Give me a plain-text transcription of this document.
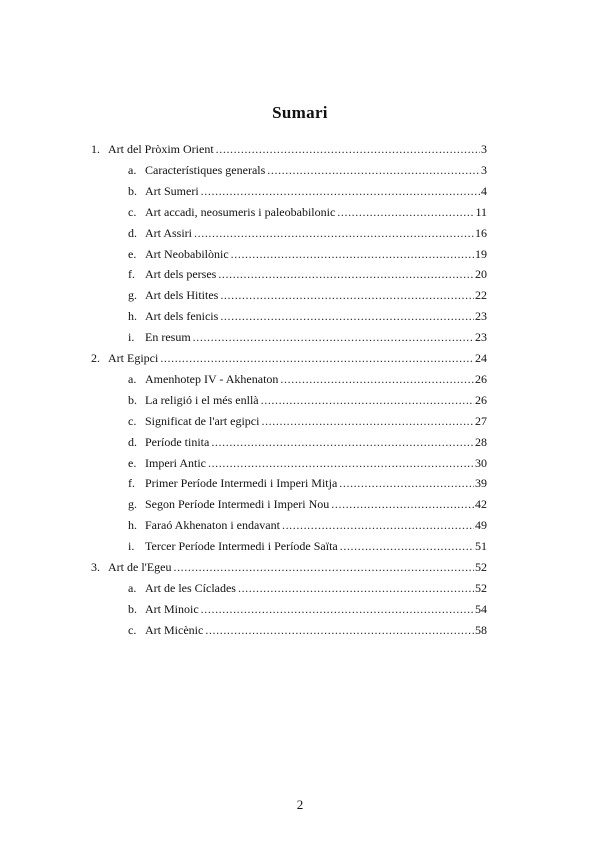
Sumari
1. Art del Pròxim Orient . . .	3
a. Característiques generals . . .	3
b. Art Sumeri . . .	4
c. Art accadi, neosumeris i paleobabilonic . . .	11
d. Art Assiri . . .	16
e. Art Neobabilònic . . .	19
f. Art dels perses . . .	20
g. Art dels Hitites . . .	22
h. Art dels fenicis . . .	23
i. En resum . . .	23
2. Art Egipci . . .	24
a. Amenhotep IV - Akhenaton . . .	26
b. La religió i el més enllà . . .	26
c. Significat de l'art egipci . . .	27
d. Període tinita . . .	28
e. Imperi Antic . . .	30
f. Primer Període Intermedi i Imperi Mitja . . .	39
g. Segon Període Intermedi i Imperi Nou . . .	42
h. Faraó Akhenaton i endavant . . .	49
i. Tercer Període Intermedi i Període Saïta . . .	51
3. Art de l'Egeu . . .	52
a. Art de les Cíclades . . .	52
b. Art Minoic . . .	54
c. Art Micènic . . .	58
2
